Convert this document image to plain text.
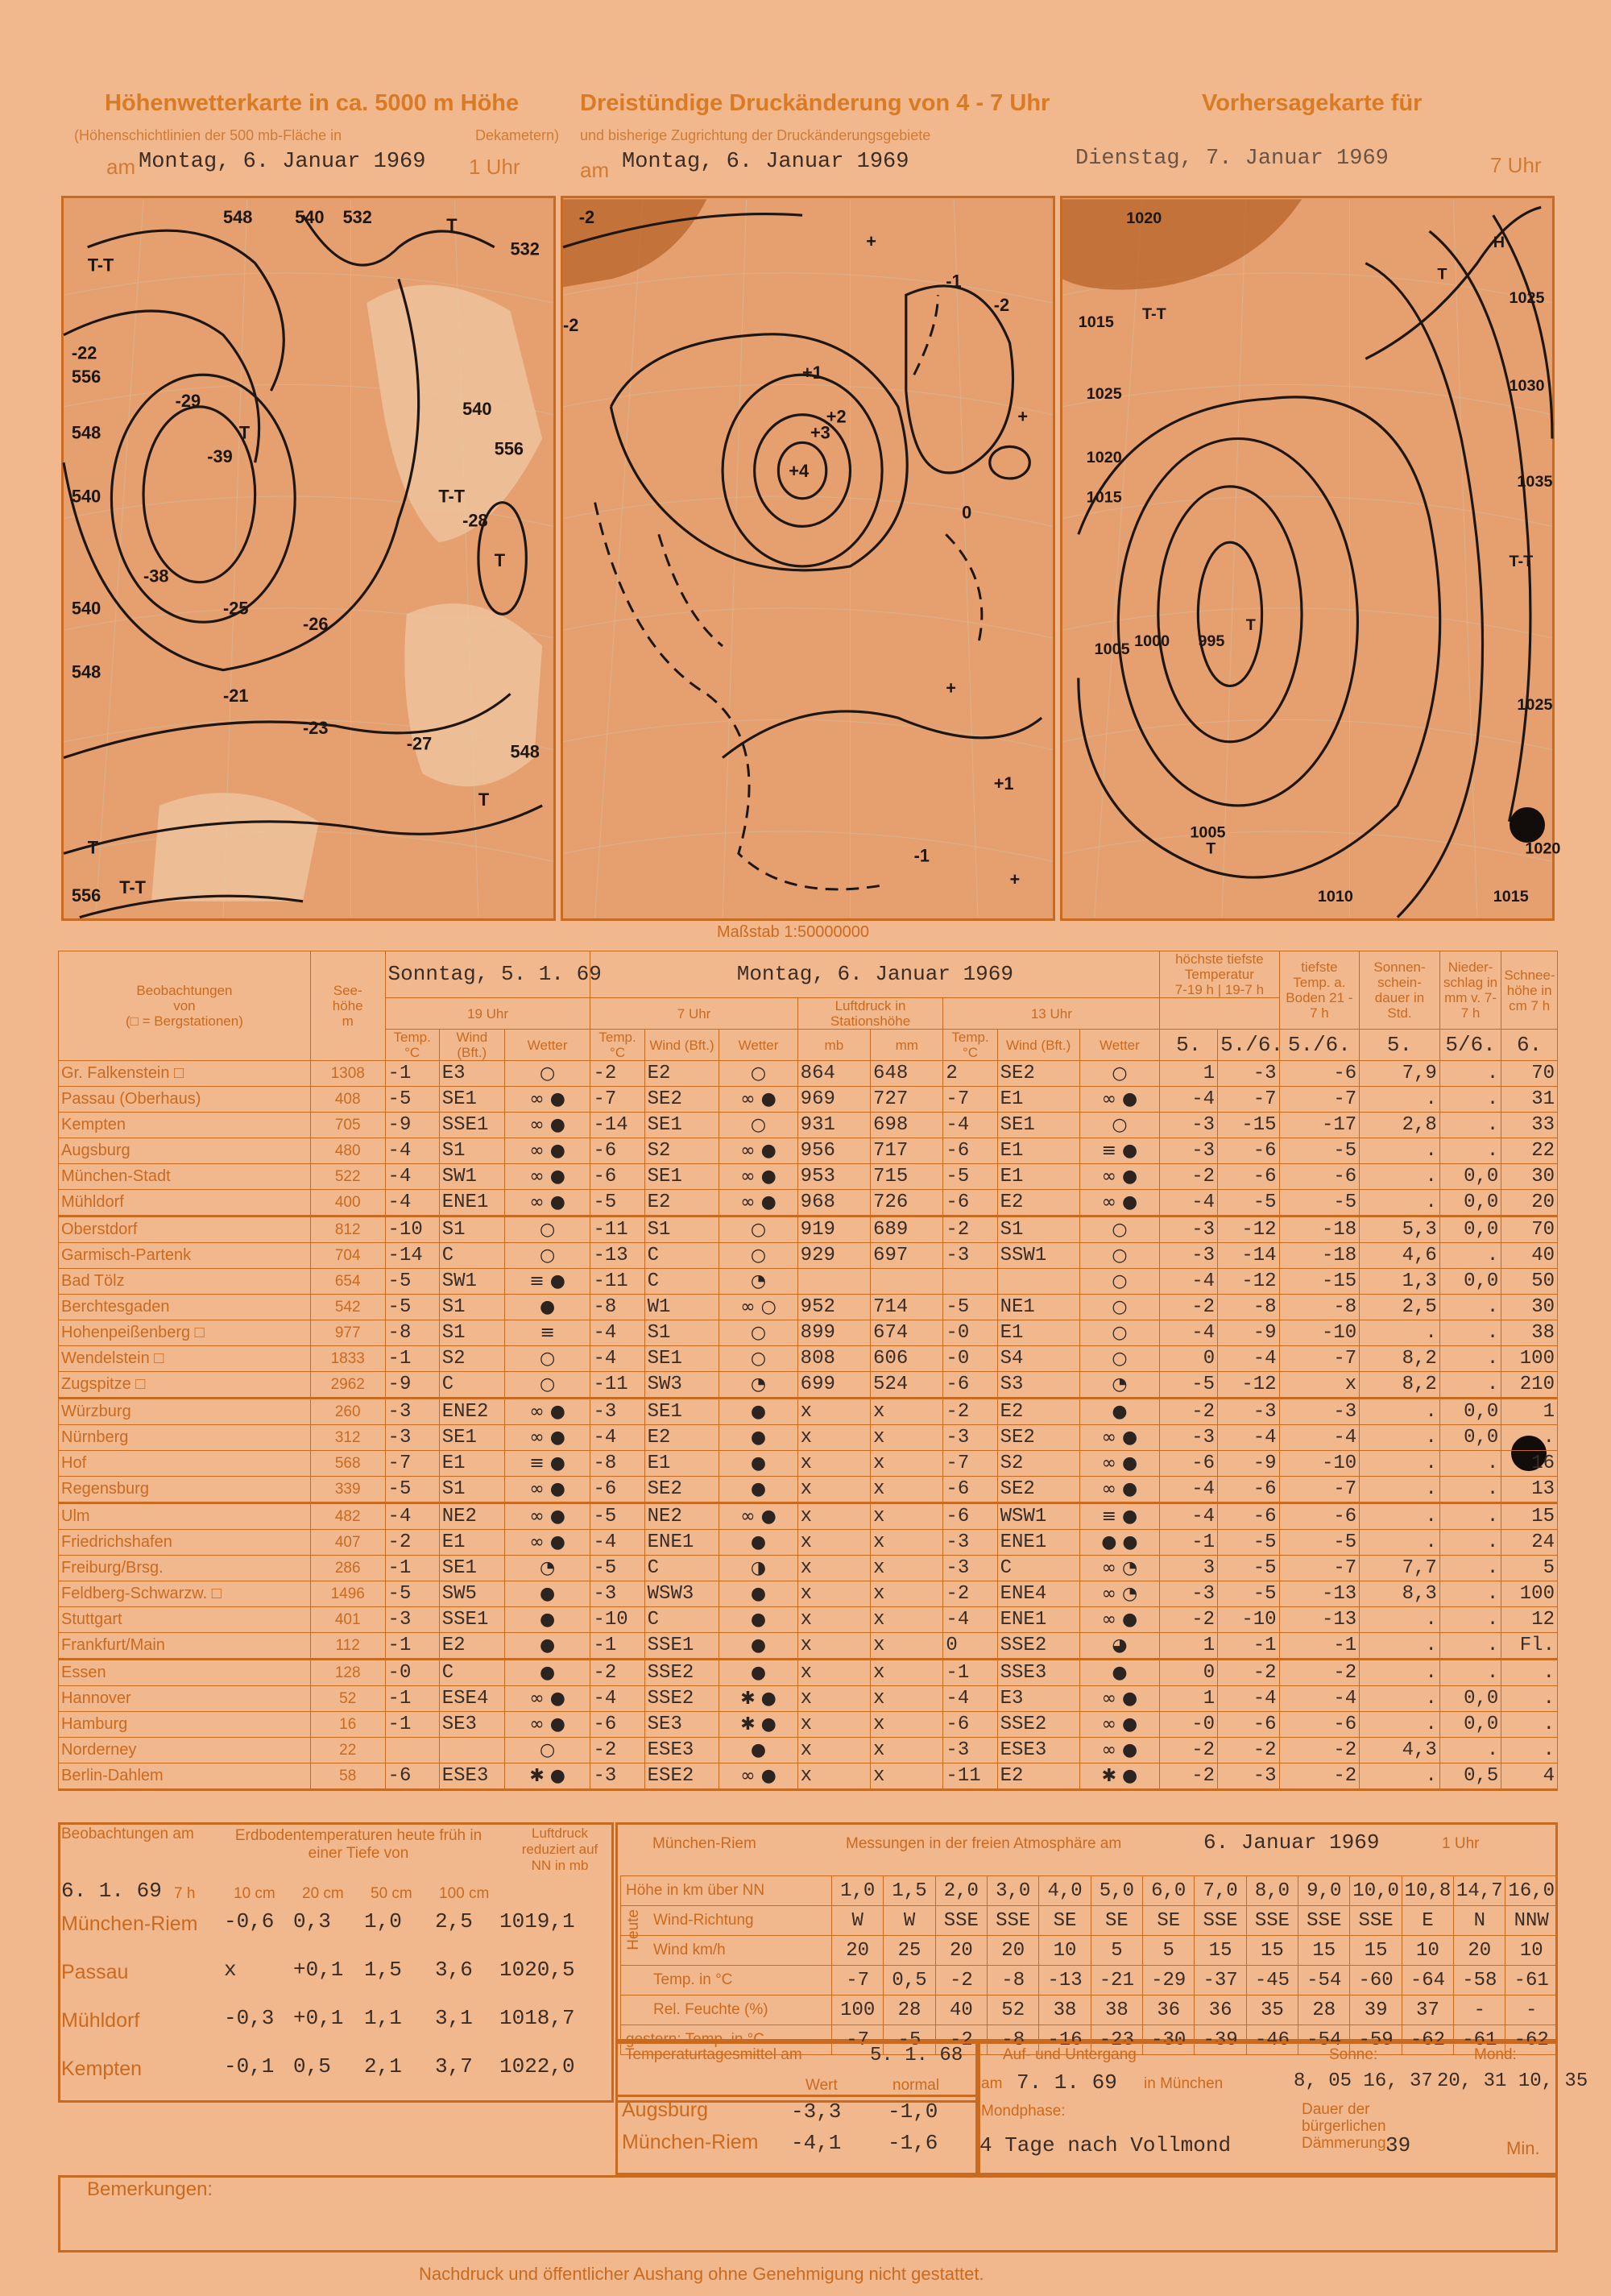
Höhenwetterkarte in ca. 5000 m Höhe
(Höhenschichtlinien der 500 mb-Fläche in	Dekametern)
am Montag, 6. Januar 1969 1 Uhr
Dreistündige Druckänderung von 4 - 7 Uhr
und bisherige Zugrichtung der Druckänderungsgebiete
am Montag, 6. Januar 1969
Vorhersagekarte für
Dienstag, 7. Januar 1969	7 Uhr
-29
-39
T
T-T
T
T-T
T
T
T
T-T
-22
556
548
540
540
548
556
548 540 532
532
540
556
-38
-25
-26
-21
-23
-27
-28
548
+4
+3
+2
+1
-2
-2
-1
-2
+
+
0
+1
+
+
-1
T
995
1000
1005
1015
1020
1025
1015 T-T
T
H
1025
1030
1035
1025
1020
T
1005
1010	1015
T-T
1020
Maßstab 1:50000000
Beobachtungen
von
(□ = Bergstationen)	See-
höhe
m	Sonntag, 5. 1. 69			Montag, 6. Januar 1969								höchste tiefste
Temperatur
7-19 h | 19-7 h		tiefste Temp. a. Boden 21 - 7 h	Sonnen-schein-dauer in Std.	Nieder-schlag in mm v. 7-7 h	Schnee-höhe in cm 7 h
		19 Uhr			7 Uhr			Luftdruck in Stationshöhe		13 Uhr								
		Temp. °C	Wind (Bft.)	Wetter	Temp. °C	Wind (Bft.)	Wetter	mb	mm	Temp. °C	Wind (Bft.)	Wetter	5.	5./6.	5./6.	5.	5/6.	6.
Gr. Falkenstein □	1308	-1	E3	○	-2	E2	○	864	648	2	SE2	○	1	-3	-6	7,9	.	70
Passau (Oberhaus)	408	-5	SE1	∞ ●	-7	SE2	∞ ●	969	727	-7	E1	∞ ●	-4	-7	-7	.	.	31
Kempten	705	-9	SSE1	∞ ●	-14	SE1	○	931	698	-4	SE1	○	-3	-15	-17	2,8	.	33
Augsburg	480	-4	S1	∞ ●	-6	S2	∞ ●	956	717	-6	E1	≡ ●	-3	-6	-5	.	.	22
München-Stadt	522	-4	SW1	∞ ●	-6	SE1	∞ ●	953	715	-5	E1	∞ ●	-2	-6	-6	.	0,0	30
Mühldorf	400	-4	ENE1	∞ ●	-5	E2	∞ ●	968	726	-6	E2	∞ ●	-4	-5	-5	.	0,0	20
Oberstdorf	812	-10	S1	○	-11	S1	○	919	689	-2	S1	○	-3	-12	-18	5,3	0,0	70
Garmisch-Partenk	704	-14	C	○	-13	C	○	929	697	-3	SSW1	○	-3	-14	-18	4,6	.	40
Bad Tölz	654	-5	SW1	≡ ●	-11	C	◔					○	-4	-12	-15	1,3	0,0	50
Berchtesgaden	542	-5	S1	●	-8	W1	∞ ○	952	714	-5	NE1	○	-2	-8	-8	2,5	.	30
Hohenpeißenberg □	977	-8	S1	≡	-4	S1	○	899	674	-0	E1	○	-4	-9	-10	.	.	38
Wendelstein □	1833	-1	S2	○	-4	SE1	○	808	606	-0	S4	○	0	-4	-7	8,2	.	100
Zugspitze □	2962	-9	C	○	-11	SW3	◔	699	524	-6	S3	◔	-5	-12	x	8,2	.	210
Würzburg	260	-3	ENE2	∞ ●	-3	SE1	●	x	x	-2	E2	●	-2	-3	-3	.	0,0	1
Nürnberg	312	-3	SE1	∞ ●	-4	E2	●	x	x	-3	SE2	∞ ●	-3	-4	-4	.	0,0	.
Hof	568	-7	E1	≡ ●	-8	E1	●	x	x	-7	S2	∞ ●	-6	-9	-10	.	.	16
Regensburg	339	-5	S1	∞ ●	-6	SE2	●	x	x	-6	SE2	∞ ●	-4	-6	-7	.	.	13
Ulm	482	-4	NE2	∞ ●	-5	NE2	∞ ●	x	x	-6	WSW1	≡ ●	-4	-6	-6	.	.	15
Friedrichshafen	407	-2	E1	∞ ●	-4	ENE1	●	x	x	-3	ENE1	● ●	-1	-5	-5	.	.	24
Freiburg/Brsg.	286	-1	SE1	◔	-5	C	◑	x	x	-3	C	∞ ◔	3	-5	-7	7,7	.	5
Feldberg-Schwarzw. □	1496	-5	SW5	●	-3	WSW3	●	x	x	-2	ENE4	∞ ◔	-3	-5	-13	8,3	.	100
Stuttgart	401	-3	SSE1	●	-10	C	●	x	x	-4	ENE1	∞ ●	-2	-10	-13	.	.	12
Frankfurt/Main	112	-1	E2	●	-1	SSE1	●	x	x	0	SSE2	◕	1	-1	-1	.	.	Fl.
Essen	128	-0	C	●	-2	SSE2	●	x	x	-1	SSE3	●	0	-2	-2	.	.	.
Hannover	52	-1	ESE4	∞ ●	-4	SSE2	✱ ●	x	x	-4	E3	∞ ●	1	-4	-4	.	0,0	.
Hamburg	16	-1	SE3	∞ ●	-6	SE3	✱ ●	x	x	-6	SSE2	∞ ●	-0	-6	-6	.	0,0	.
Norderney	22			○	-2	ESE3	●	x	x	-3	ESE3	∞ ●	-2	-2	-2	4,3	.	.
Berlin-Dahlem	58	-6	ESE3	✱ ●	-3	ESE2	∞ ●	x	x	-11	E2	✱ ●	-2	-3	-2	.	0,5	4
Beobachtungen am
6. 1. 69 7 h
Erdbodentemperaturen heute früh in einer Tiefe von
Luftdruck reduziert auf NN in mb
10 cm 20 cm 50 cm 100 cm
München-Riem -0,6 0,3 1,0 2,5 1019,1
Passau	x	+0,1 1,5 3,6 1020,5
Mühldorf	-0,3 +0,1 1,1 3,1 1018,7
Kempten	-0,1 0,5 2,1 3,7 1022,0
München-Riem	Messungen in der freien Atmosphäre am	6. Januar 1969	1 Uhr
Heute
Höhe in km über NN	1,0	1,5	2,0	3,0	4,0	5,0	6,0	7,0	8,0	9,0	10,0	10,8	14,7	16,0
Wind-Richtung	W	W	SSE	SSE	SE	SE	SE	SSE	SSE	SSE	SSE	E	N	NNW
Wind km/h	20	25	20	20	10	5	5	15	15	15	15	10	20	10
Temp. in °C	-7	0,5	-2	-8	-13	-21	-29	-37	-45	-54	-60	-64	-58	-61
Rel. Feuchte (%)	100	28	40	52	38	38	36	36	35	28	39	37	-	-
gestern: Temp. in °C	-7	-5	-2	-8	-16	-23	-30	-39	-46	-54	-59	-62	-61	-62
Temperaturtagesmittel am	5. 1. 68
Wert	normal
Augsburg	-3,3 -1,0
München-Riem -4,1 -1,6
Auf- und Untergang
am 7. 1. 69 in München
Sonne:
8, 05 16, 37
Mond:
20, 31 10, 35
Mondphase:
4 Tage nach Vollmond
Dauer der bürgerlichen Dämmerung:
39	Min.
Bemerkungen:
Nachdruck und öffentlicher Aushang ohne Genehmigung nicht gestattet.
